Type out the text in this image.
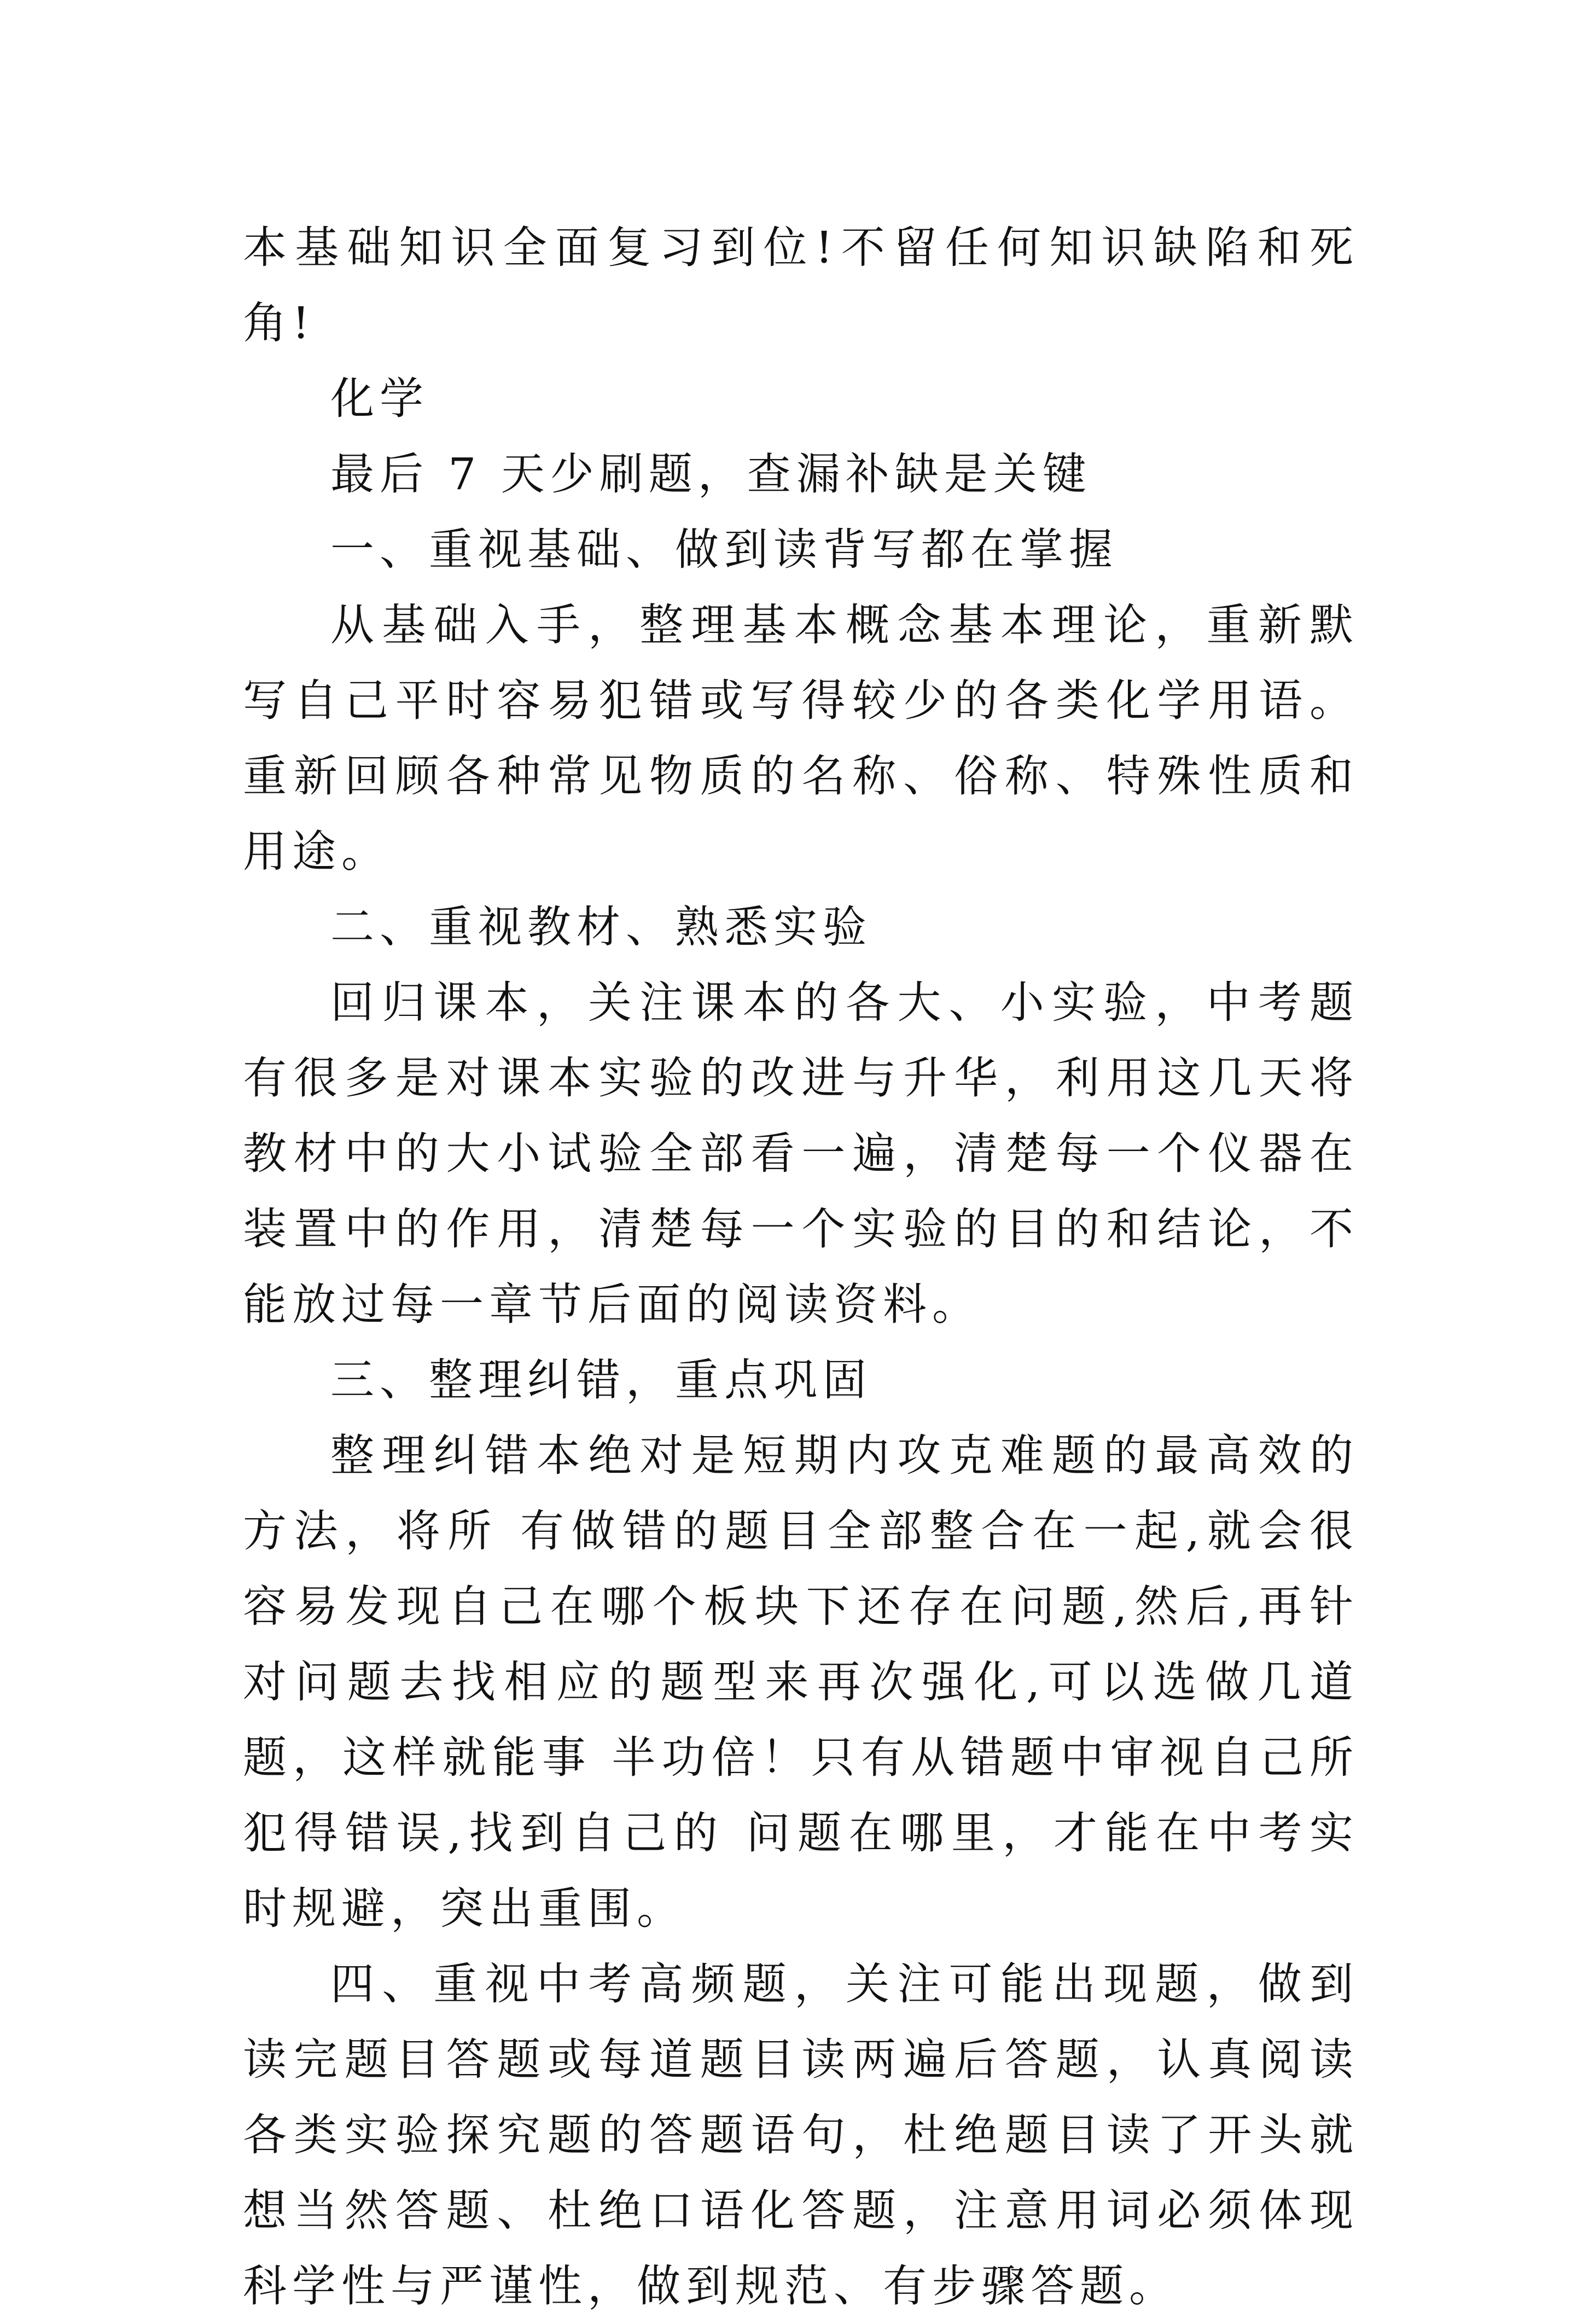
本基础知识全面复习到位!不留任何知识缺陷和死角!

化学

最后 7 天少刷题，查漏补缺是关键

一、重视基础、做到读背写都在掌握

从基础入手，整理基本概念基本理论，重新默写自己平时容易犯错或写得较少的各类化学用语。重新回顾各种常见物质的名称、俗称、特殊性质和用途。

二、重视教材、熟悉实验

回归课本，关注课本的各大、小实验，中考题有很多是对课本实验的改进与升华，利用这几天将教材中的大小试验全部看一遍，清楚每一个仪器在装置中的作用，清楚每一个实验的目的和结论，不能放过每一章节后面的阅读资料。

三、整理纠错，重点巩固

整理纠错本绝对是短期内攻克难题的最高效的方法，将所 有做错的题目全部整合在一起,就会很容易发现自己在哪个板块下还存在问题,然后,再针对问题去找相应的题型来再次强化,可以选做几道题，这样就能事 半功倍！只有从错题中审视自己所犯得错误,找到自己的 问题在哪里，才能在中考实时规避，突出重围。

四、重视中考高频题，关注可能出现题，做到读完题目答题或每道题目读两遍后答题，认真阅读各类实验探究题的答题语句，杜绝题目读了开头就想当然答题、杜绝口语化答题，注意用词必须体现科学性与严谨性，做到规范、有步骤答题。
